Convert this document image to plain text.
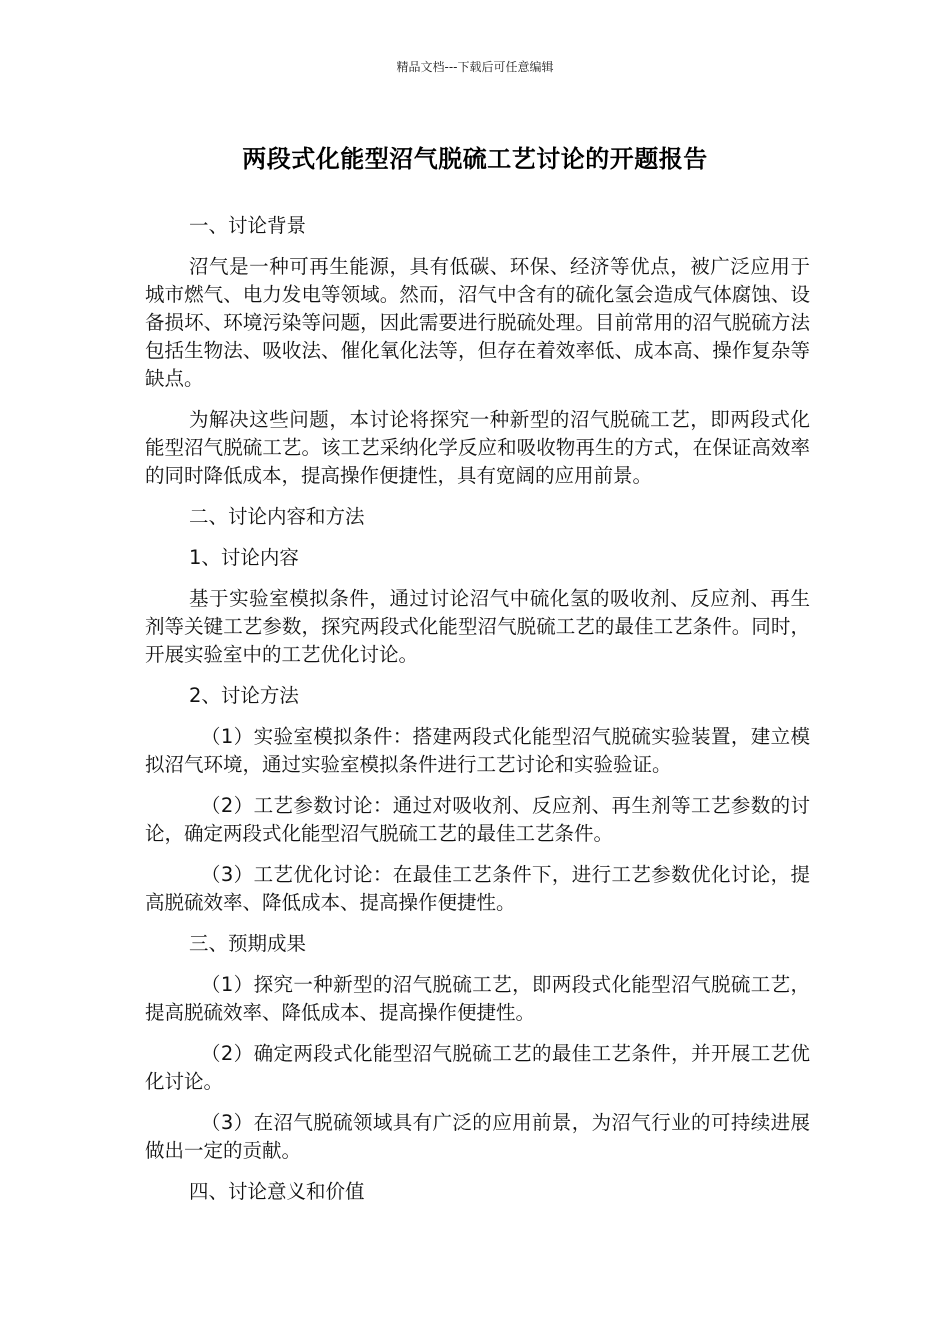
精品文档---下载后可任意编辑
两段式化能型沼气脱硫工艺讨论的开题报告

一、讨论背景

沼气是一种可再生能源，具有低碳、环保、经济等优点，被广泛应用于城市燃气、电力发电等领域。然而，沼气中含有的硫化氢会造成气体腐蚀、设备损坏、环境污染等问题，因此需要进行脱硫处理。目前常用的沼气脱硫方法包括生物法、吸收法、催化氧化法等，但存在着效率低、成本高、操作复杂等缺点。

为解决这些问题，本讨论将探究一种新型的沼气脱硫工艺，即两段式化能型沼气脱硫工艺。该工艺采纳化学反应和吸收物再生的方式，在保证高效率的同时降低成本，提高操作便捷性，具有宽阔的应用前景。

二、讨论内容和方法

1、讨论内容

基于实验室模拟条件，通过讨论沼气中硫化氢的吸收剂、反应剂、再生剂等关键工艺参数，探究两段式化能型沼气脱硫工艺的最佳工艺条件。同时，开展实验室中的工艺优化讨论。

2、讨论方法

（1）实验室模拟条件：搭建两段式化能型沼气脱硫实验装置，建立模拟沼气环境，通过实验室模拟条件进行工艺讨论和实验验证。

（2）工艺参数讨论：通过对吸收剂、反应剂、再生剂等工艺参数的讨论，确定两段式化能型沼气脱硫工艺的最佳工艺条件。

（3）工艺优化讨论：在最佳工艺条件下，进行工艺参数优化讨论，提高脱硫效率、降低成本、提高操作便捷性。

三、预期成果

（1）探究一种新型的沼气脱硫工艺，即两段式化能型沼气脱硫工艺，提高脱硫效率、降低成本、提高操作便捷性。

（2）确定两段式化能型沼气脱硫工艺的最佳工艺条件，并开展工艺优化讨论。

（3）在沼气脱硫领域具有广泛的应用前景，为沼气行业的可持续进展做出一定的贡献。

四、讨论意义和价值
